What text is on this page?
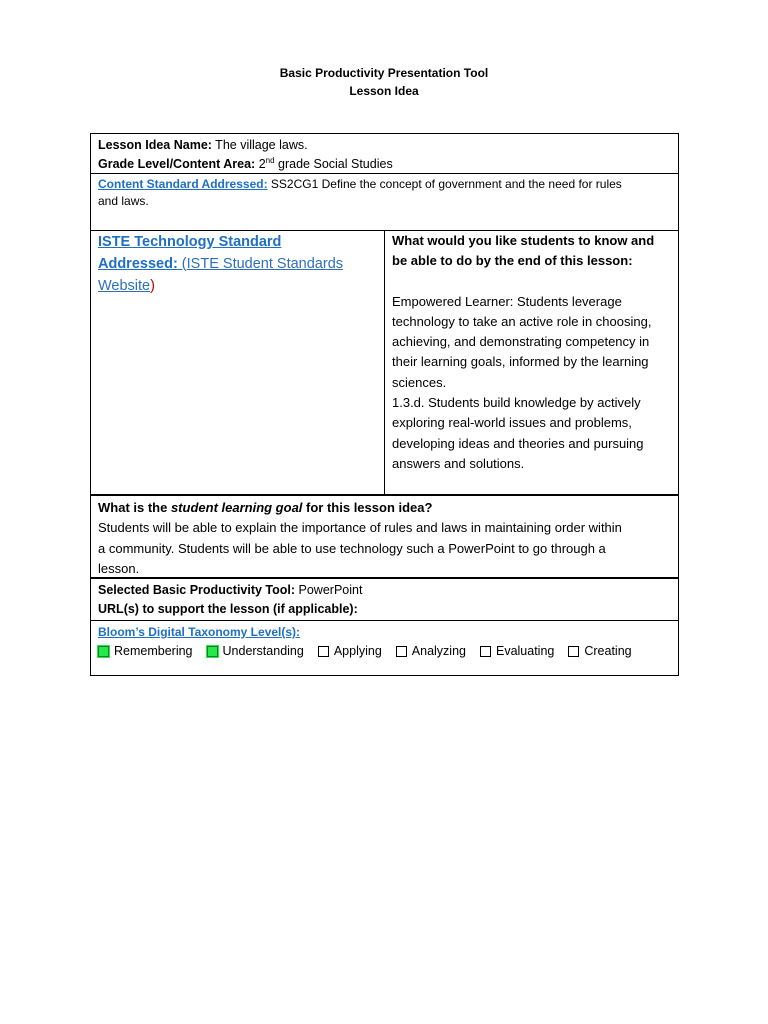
Basic Productivity Presentation Tool
Lesson Idea
Lesson Idea Name: The village laws.
Grade Level/Content Area: 2nd grade Social Studies
Content Standard Addressed: SS2CG1 Define the concept of government and the need for rules
and laws.
ISTE Technology Standard
Addressed: (ISTE Student Standards
Website)
What would you like students to know and
be able to do by the end of this lesson:
Empowered Learner: Students leverage
technology to take an active role in choosing,
achieving, and demonstrating competency in
their learning goals, informed by the learning
sciences.
1.3.d. Students build knowledge by actively
exploring real-world issues and problems,
developing ideas and theories and pursuing
answers and solutions.
What is the student learning goal for this lesson idea?
Students will be able to explain the importance of rules and laws in maintaining order within
a community. Students will be able to use technology such a PowerPoint to go through a
lesson.
Selected Basic Productivity Tool: PowerPoint
URL(s) to support the lesson (if applicable):
Bloom’s Digital Taxonomy Level(s):
Remembering Understanding Applying Analyzing Evaluating Creating
